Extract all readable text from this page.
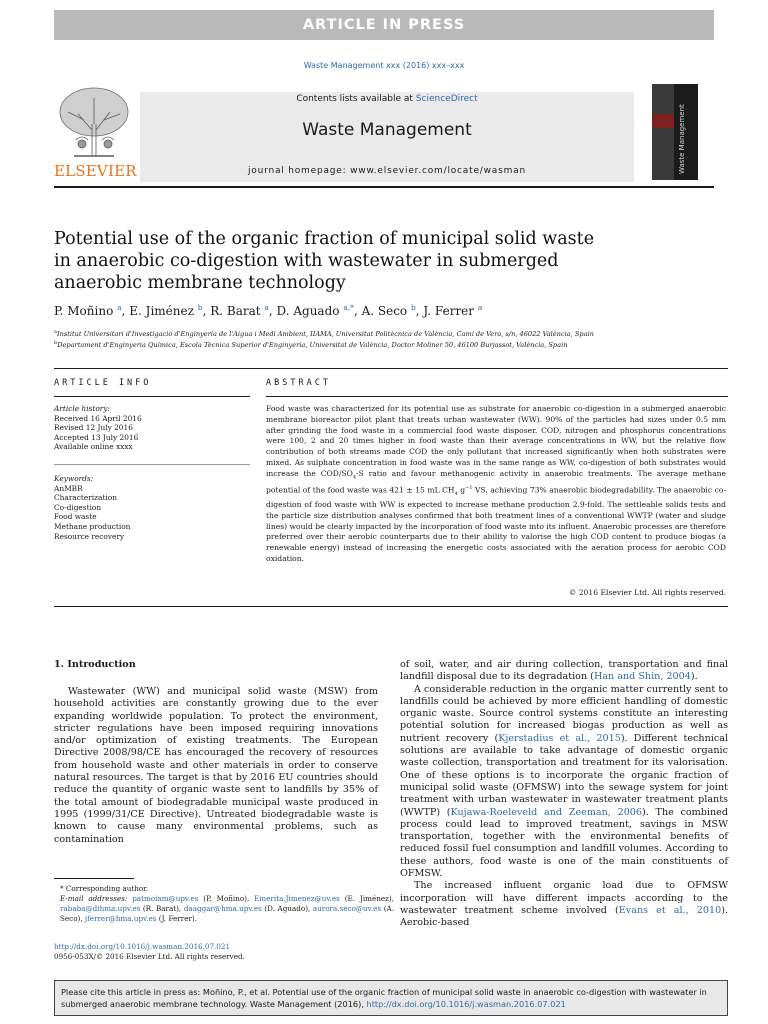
ARTICLE IN PRESS
Waste Management xxx (2016) xxx–xxx
ELSEVIER
Contents lists available at ScienceDirect
Waste Management
journal homepage: www.elsevier.com/locate/wasman	Waste Management
Potential use of the organic fraction of municipal solid waste in anaerobic co-digestion with wastewater in submerged anaerobic membrane technology
P. Moñino $^a$, E. Jiménez $^b$, R. Barat $^a$, D. Aguado $^{a,*}$, A. Seco $^b$, J. Ferrer $^a$
$^a$Institut Universitari d'Investigació d'Enginyeria de l'Aigua i Medi Ambient, IIAMA, Universitat Politècnica de València, Camí de Vera, s/n, 46022 València, Spain
$^b$Departament d'Enginyeria Química, Escola Tècnica Superior d'Enginyeria, Universitat de València, Doctor Moliner 50, 46100 Burjassot, València, Spain
ARTICLE INFO	ABSTRACT
Article history:
Received 16 April 2016
Revised 12 July 2016
Accepted 13 July 2016
Available online xxxx
Keywords:
AnMBR
Characterization
Co-digestion
Food waste
Methane production
Resource recovery
Food waste was characterized for its potential use as substrate for anaerobic co-digestion in a submerged anaerobic membrane bioreactor pilot plant that treats urban wastewater (WW). 90% of the particles had sizes under 0.5 mm after grinding the food waste in a commercial food waste disposer. COD, nitrogen and phosphorus concentrations were 100, 2 and 20 times higher in food waste than their average concentrations in WW, but the relative flow contribution of both streams made COD the only pollutant that increased significantly when both substrates were mixed. As sulphate concentration in food waste was in the same range as WW, co-digestion of both substrates would increase the COD/$SO_4-S$ ratio and favour methanogenic activity in anaerobic treatments. The average methane potential of the food waste was 421 ± 15 mL $CH_4$ $g^{-1}$ VS, achieving 73% anaerobic biodegradability. The anaerobic co-digestion of food waste with WW is expected to increase methane production 2.9-fold. The settleable solids tests and the particle size distribution analyses confirmed that both treatment lines of a conventional WWTP (water and sludge lines) would be clearly impacted by the incorporation of food waste into its influent. Anaerobic processes are therefore preferred over their aerobic counterparts due to their ability to valorise the high COD content to produce biogas (a renewable energy) instead of increasing the energetic costs associated with the aeration process for aerobic COD oxidation.
© 2016 Elsevier Ltd. All rights reserved.
1. Introduction

Wastewater (WW) and municipal solid waste (MSW) from household activities are constantly growing due to the ever expanding worldwide population. To protect the environment, stricter regulations have been imposed requiring innovations and/or optimization of existing treatments. The European Directive 2008/98/CE has encouraged the recovery of resources from household waste and other materials in order to conserve natural resources. The target is that by 2016 EU countries should reduce the quantity of organic waste sent to landfills by 35% of the total amount of biodegradable municipal waste produced in 1995 (1999/31/CE Directive). Untreated biodegradable waste is known to cause many environmental problems, such as contamination

of soil, water, and air during collection, transportation and final landfill disposal due to its degradation (Han and Shin, 2004).

A considerable reduction in the organic matter currently sent to landfills could be achieved by more efficient handling of domestic organic waste. Source control systems constitute an interesting potential solution for increased biogas production as well as nutrient recovery (Kjerstadius et al., 2015). Different technical solutions are available to take advantage of domestic organic waste collection, transportation and treatment for its valorisation. One of these options is to incorporate the organic fraction of municipal solid waste (OFMSW) into the sewage system for joint treatment with urban wastewater in wastewater treatment plants (WWTP) (Kujawa-Roeleveld and Zeeman, 2006). The combined process could lead to improved treatment, savings in MSW transportation, together with the environmental benefits of reduced fossil fuel consumption and landfill volumes. According to these authors, food waste is one of the main constituents of OFMSW.

The increased influent organic load due to OFMSW incorporation will have different impacts according to the wastewater treatment scheme involved (Evans et al., 2010). Aerobic-based

* Corresponding author.
E-mail addresses: patmoiam@upv.es (P. Moñino), Emerita.Jimenez@uv.es (E. Jiménez), rababa@dihma.upv.es (R. Barat), daaggar@hma.upv.es (D. Aguado), aurora.seco@uv.es (A. Seco), jferrer@hma.upv.es (J. Ferrer).
http://dx.doi.org/10.1016/j.wasman.2016.07.021
0956-053X/© 2016 Elsevier Ltd. All rights reserved.
Please cite this article in press as: Moñino, P., et al. Potential use of the organic fraction of municipal solid waste in anaerobic co-digestion with wastewater in submerged anaerobic membrane technology. Waste Management (2016), http://dx.doi.org/10.1016/j.wasman.2016.07.021
